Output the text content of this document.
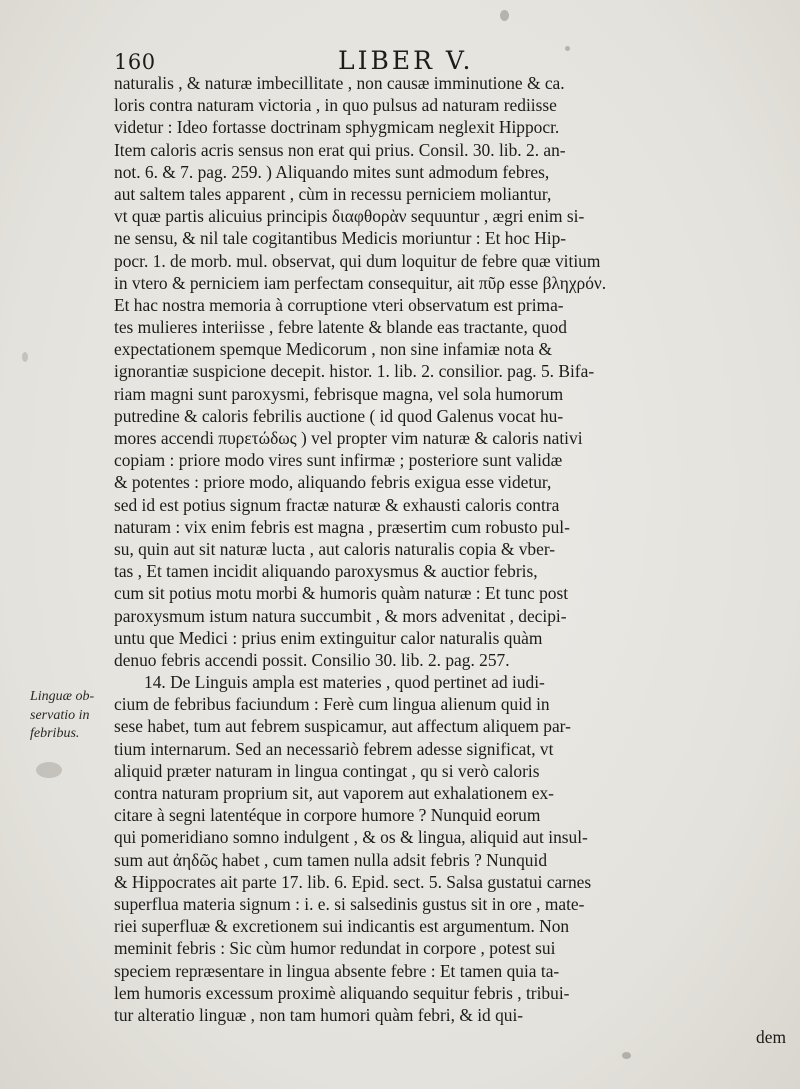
160	LIBER V.
naturalis , & naturæ imbecillitate , non causæ imminutione & ca.
loris contra naturam victoria , in quo pulsus ad naturam rediisse
videtur : Ideo fortasse doctrinam sphygmicam neglexit Hippocr.
Item caloris acris sensus non erat qui prius. Consil. 30. lib. 2. an-
not. 6. & 7. pag. 259. ) Aliquando mites sunt admodum febres,
aut saltem tales apparent , cùm in recessu perniciem moliantur,
vt quæ partis alicuius principis διαφθορὰν sequuntur , ægri enim si-
ne sensu, & nil tale cogitantibus Medicis moriuntur : Et hoc Hip-
pocr. 1. de morb. mul. observat, qui dum loquitur de febre quæ vitium
in vtero & perniciem iam perfectam consequitur, ait πῦρ esse βληχρόν.
Et hac nostra memoria à corruptione vteri observatum est prima-
tes mulieres interiisse , febre latente & blande eas tractante, quod
expectationem spemque Medicorum , non sine infamiæ nota &
ignorantiæ suspicione decepit. histor. 1. lib. 2. consilior. pag. 5. Bifa-
riam magni sunt paroxysmi, febrisque magna, vel sola humorum
putredine & caloris febrilis auctione ( id quod Galenus vocat hu-
mores accendi πυρετώδως ) vel propter vim naturæ & caloris nativi
copiam : priore modo vires sunt infirmæ ; posteriore sunt validæ
& potentes : priore modo, aliquando febris exigua esse videtur,
sed id est potius signum fractæ naturæ & exhausti caloris contra
naturam : vix enim febris est magna , præsertim cum robusto pul-
su, quin aut sit naturæ lucta , aut caloris naturalis copia & vber-
tas , Et tamen incidit aliquando paroxysmus & auctior febris,
cum sit potius motu morbi & humoris quàm naturæ : Et tunc post
paroxysmum istum natura succumbit , & mors advenitat , decipi-
untu que Medici : prius enim extinguitur calor naturalis quàm
denuo febris accendi possit. Consilio 30. lib. 2. pag. 257.
14. De Linguis ampla est materies , quod pertinet ad iudi-
cium de febribus faciundum : Ferè cum lingua alienum quid in
sese habet, tum aut febrem suspicamur, aut affectum aliquem par-
tium internarum. Sed an necessariò febrem adesse significat, vt
aliquid præter naturam in lingua contingat , qu si verò caloris
contra naturam proprium sit, aut vaporem aut exhalationem ex-
citare à segni latentéque in corpore humore ? Nunquid eorum
qui pomeridiano somno indulgent , & os & lingua, aliquid aut insul-
sum aut ἀηδῶς habet , cum tamen nulla adsit febris ? Nunquid
& Hippocrates ait parte 17. lib. 6. Epid. sect. 5. Salsa gustatui carnes
superflua materia signum : i. e. si salsedinis gustus sit in ore , mate-
riei superfluæ & excretionem sui indicantis est argumentum. Non
meminit febris : Sic cùm humor redundat in corpore , potest sui
speciem repræsentare in lingua absente febre : Et tamen quia ta-
lem humoris excessum proximè aliquando sequitur febris , tribui-
tur alteratio linguæ , non tam humori quàm febri, & id qui-
dem
Linguæ ob-
servatio in
febribus.
